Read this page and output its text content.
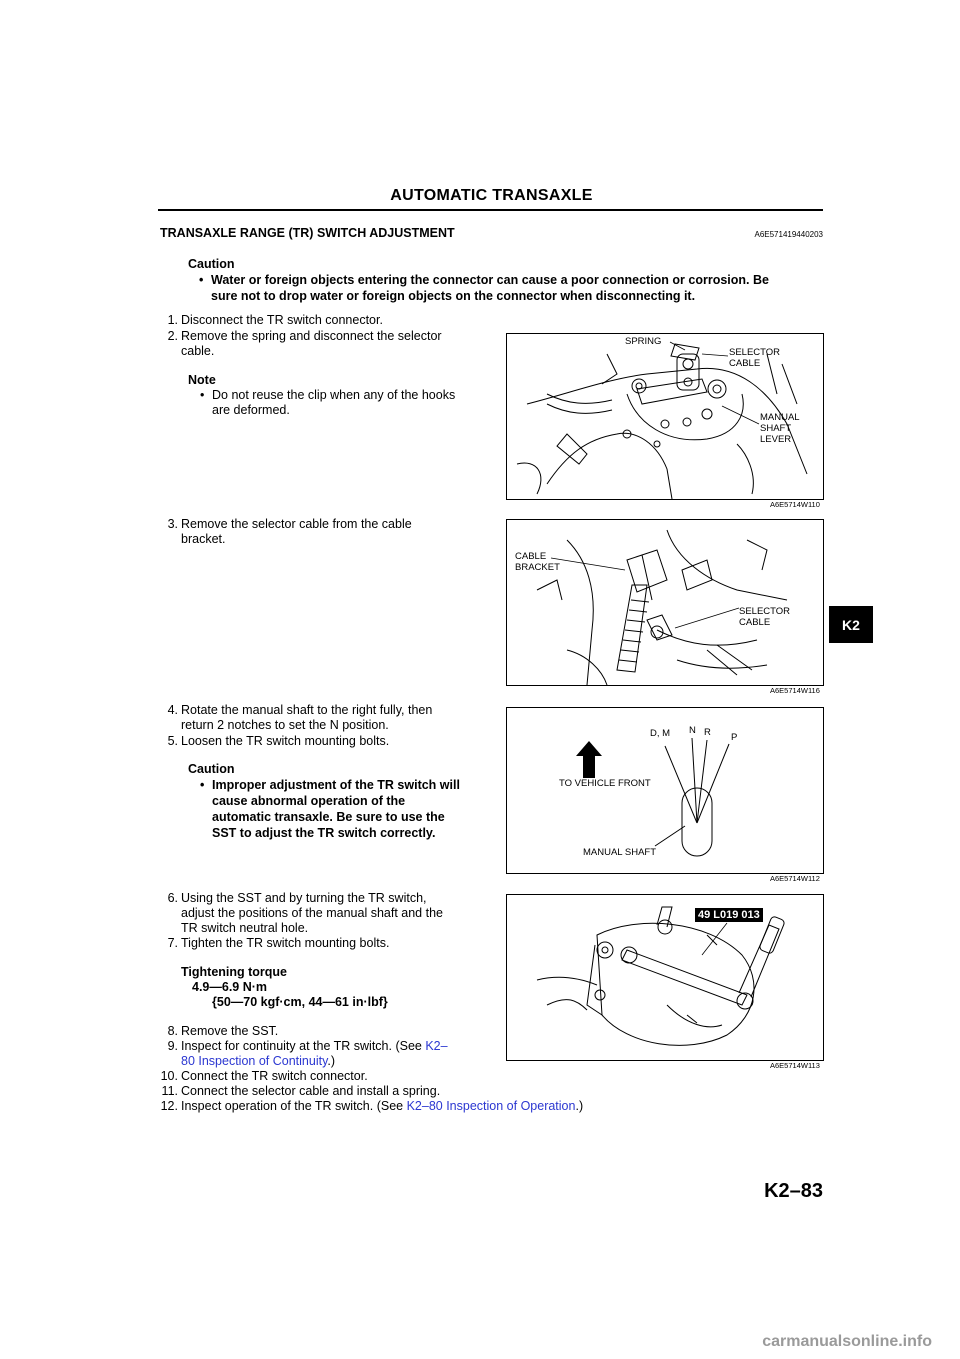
AUTOMATIC TRANSAXLE
TRANSAXLE RANGE (TR) SWITCH ADJUSTMENT	A6E571419440203
Caution
• Water or foreign objects entering the connector can cause a poor connection or corrosion. Be
sure not to drop water or foreign objects on the connector when disconnecting it.
1. Disconnect the TR switch connector.
2. Remove the spring and disconnect the selector
cable.
Note
• Do not reuse the clip when any of the hooks
are deformed.
3. Remove the selector cable from the cable
bracket.
4. Rotate the manual shaft to the right fully, then
return 2 notches to set the N position.
5. Loosen the TR switch mounting bolts.
Caution
• Improper adjustment of the TR switch will
cause abnormal operation of the
automatic transaxle. Be sure to use the
SST to adjust the TR switch correctly.
6. Using the SST and by turning the TR switch,
adjust the positions of the manual shaft and the
TR switch neutral hole.
7. Tighten the TR switch mounting bolts.
Tightening torque
4.9—6.9 N·m
{50—70 kgf·cm, 44—61 in·lbf}
8. Remove the SST.
9. Inspect for continuity at the TR switch. (See K2–
80 Inspection of Continuity.)
10. Connect the TR switch connector.
11. Connect the selector cable and install a spring.
12. Inspect operation of the TR switch. (See K2–80 Inspection of Operation.)
SPRING
SELECTOR
CABLE
MANUAL
SHAFT
LEVER
A6E5714W110
CABLE
BRACKET
SELECTOR
CABLE
A6E5714W116
D, M N R P
TO VEHICLE FRONT
MANUAL SHAFT
A6E5714W112
49 L019 013
A6E5714W113
K2
K2–83
carmanualsonline.info
